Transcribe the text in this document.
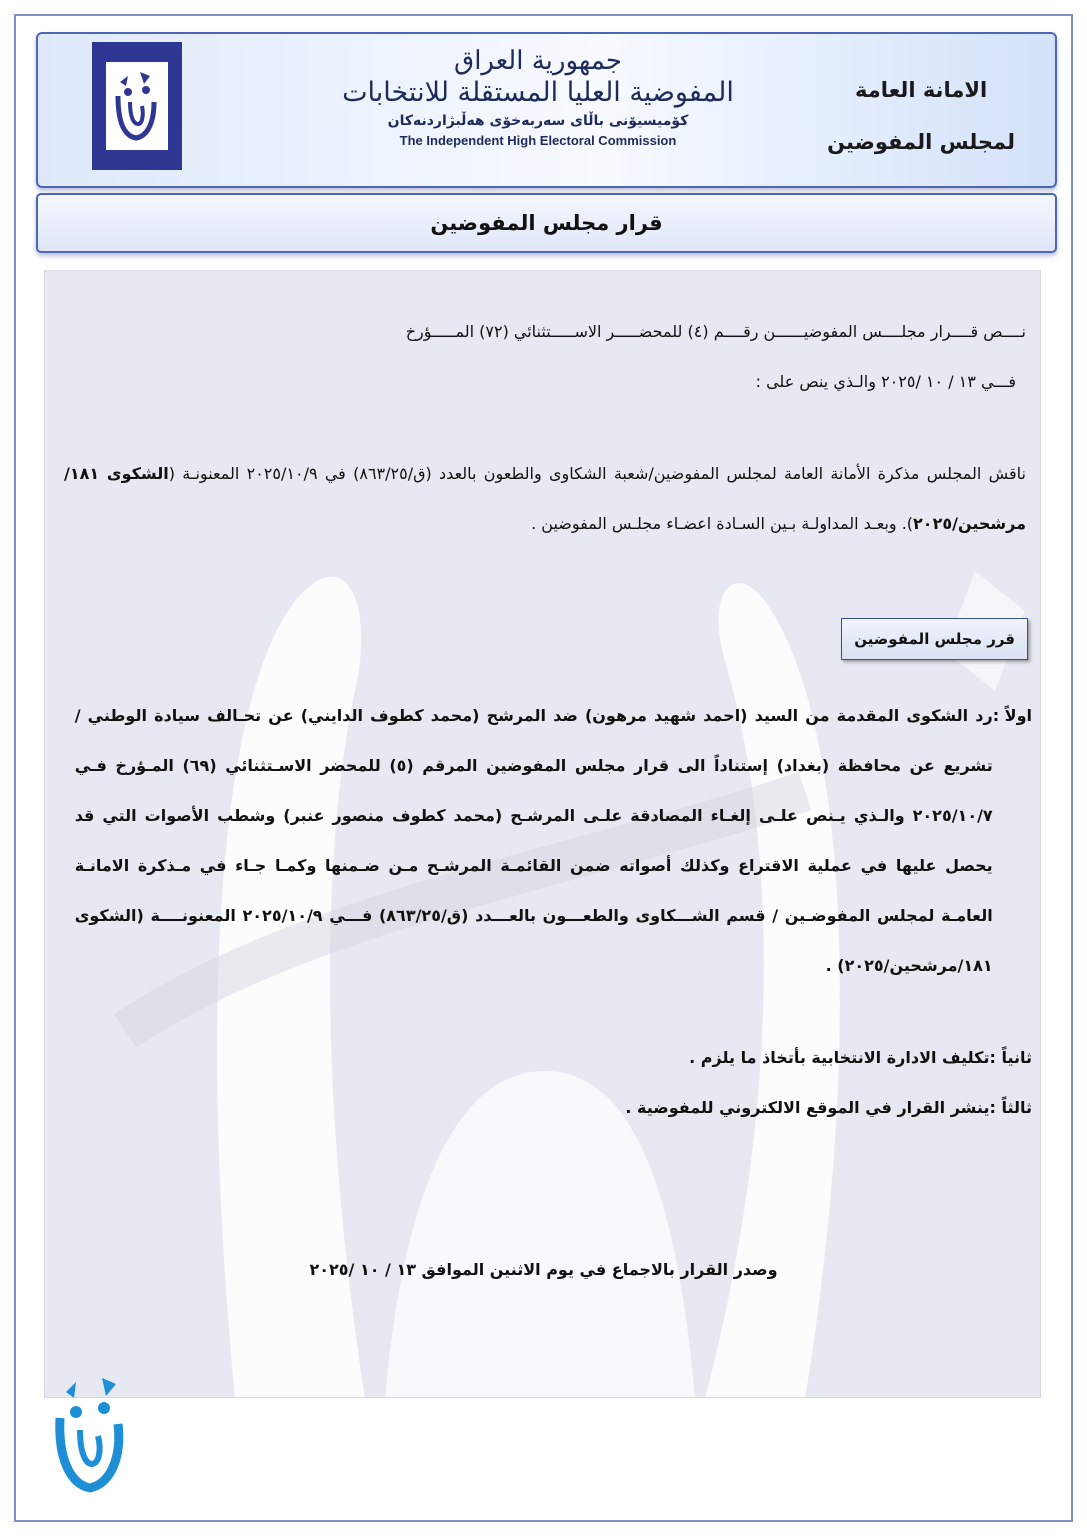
جمهورية العراق
المفوضية العليا المستقلة للانتخابات
کۆمیسیۆنی باڵای سەربەخۆی هەڵبژاردنەکان
The Independent High Electoral Commission
الامانة العامة
لمجلس المفوضين
قرار مجلس المفوضين
نــــص قــــرار مجلــــس المفوضيــــــن رقــــم (٤) للمحضـــــر الاســـــتثنائي (٧٢) المـــــؤرخ
فـــي ١٣ / ١٠ /٢٠٢٥ والـذي ينص على :
ناقش المجلس مذكرة الأمانة العامة لمجلس المفوضين/شعبة الشكاوى والطعون بالعدد (ق/٨٦٣/٢٥) في ٢٠٢٥/١٠/٩ المعنونـة (الشكوى ١٨١/مرشحين/٢٠٢٥). وبعـد المداولـة بـين السـادة اعضـاء مجلـس المفوضين .
قرر مجلس المفوضين
اولاً :
رد الشكوى المقدمة من السيد (احمد شهيد مرهون) ضد المرشح (محمد كطوف الدايني) عن تحـالف سيادة الوطني / تشريع عن محافظة (بغداد) إستناداً الى قرار مجلس المفوضين المرقم (٥) للمحضر الاسـتثنائي (٦٩) المـؤرخ فـي ٢٠٢٥/١٠/٧ والـذي يـنص علـى إلغـاء المصادقة علـى المرشـح (محمد كطوف منصور عنبر) وشطب الأصوات التي قد يحصل عليها في عملية الاقتراع وكذلك أصواته ضمن القائمـة المرشـح مـن ضـمنها وكمـا جـاء في مـذكرة الامانـة العامـة لمجلس المفوضـين / قسم الشـــكاوى والطعـــون بالعـــدد (ق/٨٦٣/٢٥) فـــي ٢٠٢٥/١٠/٩ المعنونــــة (الشكوى ١٨١/مرشحين/٢٠٢٥) .
ثانياً :
تكليف الادارة الانتخابية بأتخاذ ما يلزم .
ثالثاً :
ينشر القرار في الموقع الالكتروني للمفوضية .
وصدر القرار بالاجماع في يوم الاثنين الموافق ١٣ / ١٠ /٢٠٢٥
